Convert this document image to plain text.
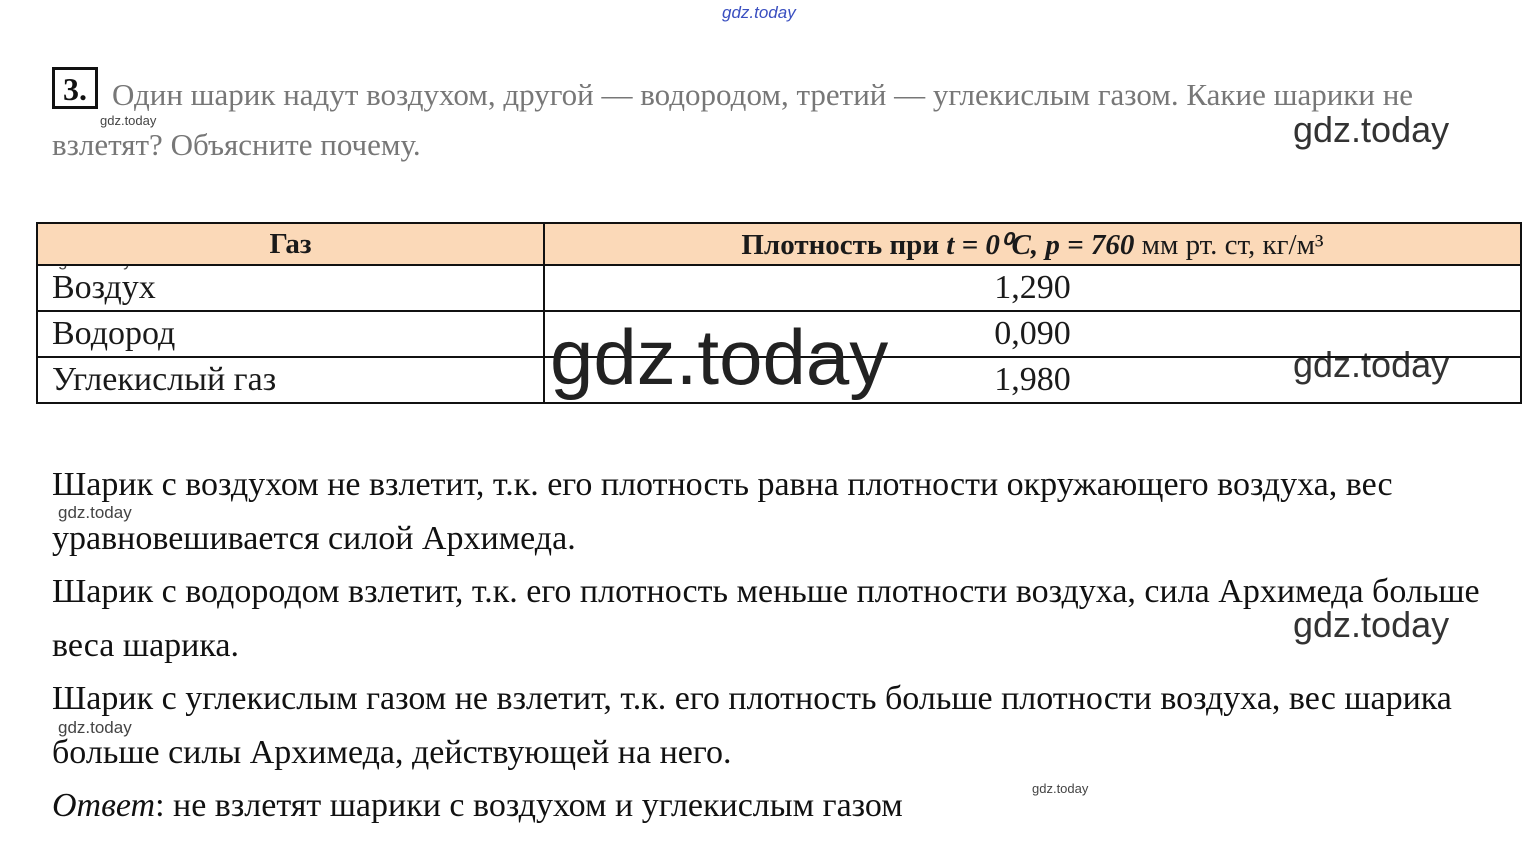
gdz.today
gdz.today	gdz.today
gdz.today
gdz.today
gdz.today
gdz.today
gdz.today
3. Один шарик надут воздухом, другой — водородом, третий — углекислым газом. Какие шарики не взлетят? Объясните почему.
Газ	Плотность при t = 0⁰C, p = 760 мм рт. ст, кг/м³
Воздух	1,290
Водород	0,090
Углекислый газ	1,980
gdz.today

Шарик с воздухом не взлетит, т.к. его плотность равна плотности окружающего воздуха, вес уравновешивается силой Архимеда.

Шарик с водородом взлетит, т.к. его плотность меньше плотности воздуха, сила Архимеда больше веса шарика.

Шарик с углекислым газом не взлетит, т.к. его плотность больше плотности воздуха, вес шарика больше силы Архимеда, действующей на него.

Ответ: не взлетят шарики с воздухом и углекислым газом
